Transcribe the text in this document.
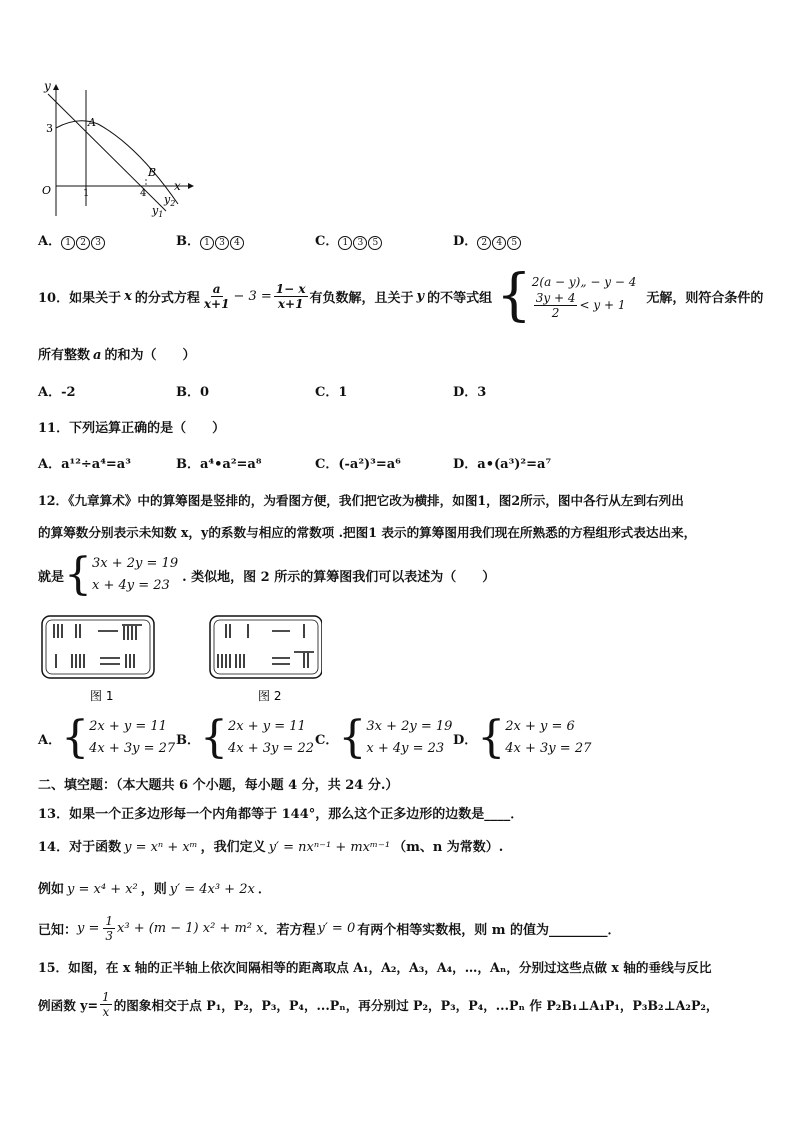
y
x
O
3
1	4
A
B
$y_2$
$y_1$
A． 1 2 3	B． 1 3 4	C． 1 3 5	D． 2 4 5
10．如果关于 x 的分式方程 $\frac{a}{x+1} - 3 = \frac{1- x}{x+1}$ 有负数解，且关于 y 的不等式组 { 2(a − y)„ − y − 4
$\frac{3y + 4}{2} < y + 1$ 无解，则符合条件的
所有整数 a 的和为（　　）
A．-2	B．0	C．1	D．3
11．下列运算正确的是（　　）
A．a¹²÷a⁴=a³	B．a⁴•a²=a⁸	C．(-a²)³=a⁶	D．a•(a³)²=a⁷
12．《九章算术》中的算筹图是竖排的，为看图方便，我们把它改为横排，如图1，图2所示，图中各行从左到右列出
的算筹数分别表示未知数 x，y的系数与相应的常数项 .把图1 表示的算筹图用我们现在所熟悉的方程组形式表达出来，
就是 { 3x + 2y = 19
x + 4y = 23
. 类似地，图 2 所示的算筹图我们可以表述为（　　）
图 1	图 2
A． { 2x + y = 11
4x + 3y = 27
B． { 2x + y = 11
4x + 3y = 22
C． { 3x + 2y = 19
x + 4y = 23
D． { 2x + y = 6
4x + 3y = 27
二、填空题：（本大题共 6 个小题，每小题 4 分，共 24 分.）
13．如果一个正多边形每一个内角都等于 144°，那么这个正多边形的边数是____．
14．对于函数 y = xⁿ + xᵐ ，我们定义 y′ = nxⁿ⁻¹ + mxᵐ⁻¹ （m、n 为常数）.
例如 y = x⁴ + x² ，则 y′ = 4x³ + 2x ．
已知： $y = \frac{1}{3} x^3 + (m - 1) x^2 + m^2$ x ．若方程 y′ = 0 有两个相等实数根，则 m 的值为_________．
15．如图，在 x 轴的正半轴上依次间隔相等的距离取点 A₁，A₂，A₃，A₄，…，Aₙ，分别过这些点做 x 轴的垂线与反比
例函数 $y= \frac{1}{x}$ 的图象相交于点 P₁，P₂，P₃，P₄，...Pₙ，再分别过 P₂，P₃，P₄，...Pₙ 作 P₂B₁⊥A₁P₁，P₃B₂⊥A₂P₂，
